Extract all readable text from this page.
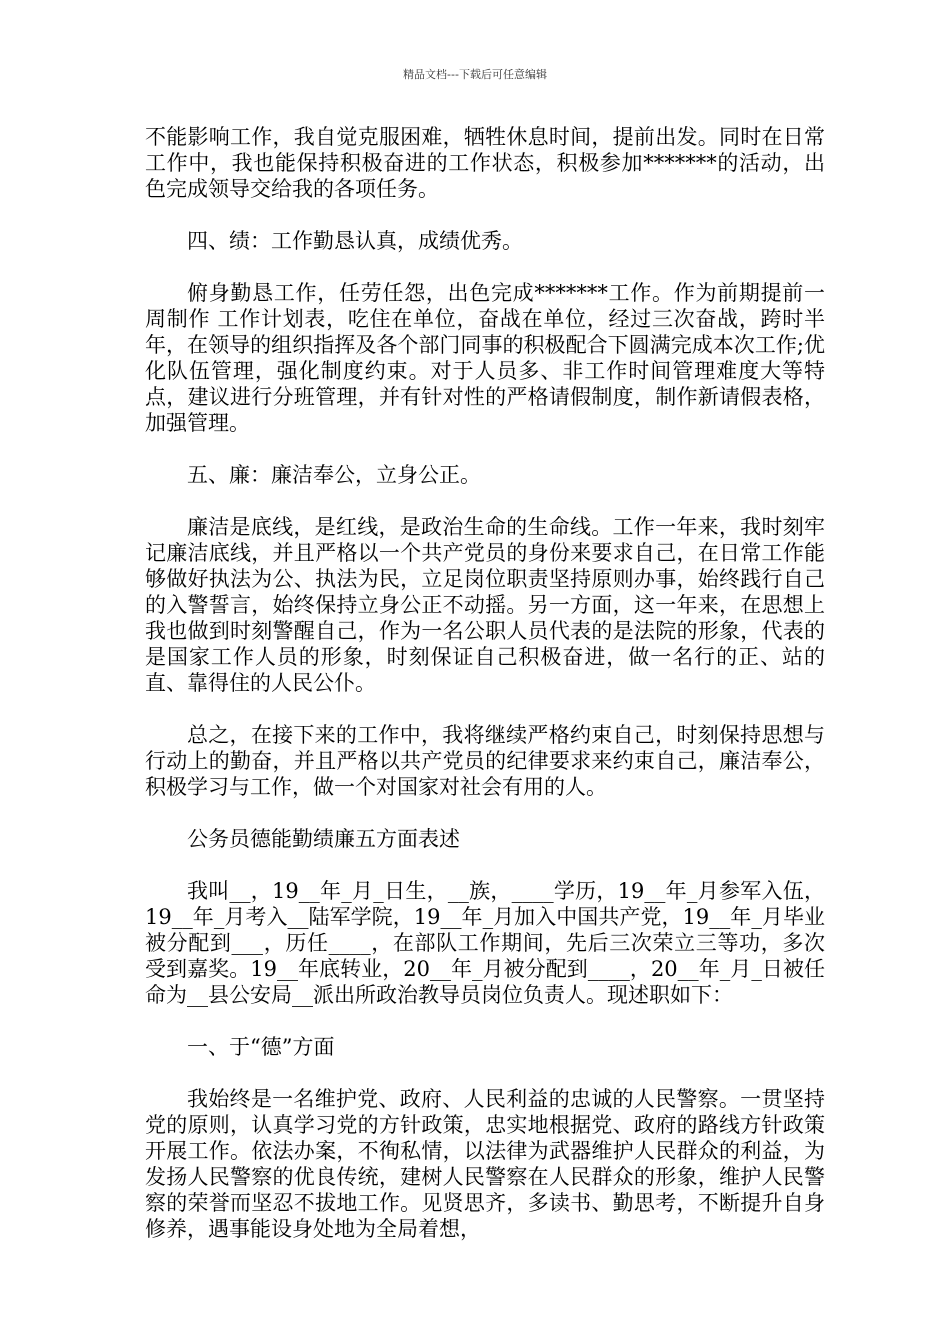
精品文档---下载后可任意编辑

不能影响工作，我自觉克服困难，牺牲休息时间，提前出发。同时在日常工作中，我也能保持积极奋进的工作状态，积极参加*******的活动，出色完成领导交给我的各项任务。

四、绩：工作勤恳认真，成绩优秀。

俯身勤恳工作，任劳任怨，出色完成*******工作。作为前期提前一周制作 工作计划表，吃住在单位，奋战在单位，经过三次奋战，跨时半年，在领导的组织指挥及各个部门同事的积极配合下圆满完成本次工作;优化队伍管理，强化制度约束。对于人员多、非工作时间管理难度大等特点，建议进行分班管理，并有针对性的严格请假制度，制作新请假表格，加强管理。

五、廉：廉洁奉公，立身公正。

廉洁是底线，是红线，是政治生命的生命线。工作一年来，我时刻牢记廉洁底线，并且严格以一个共产党员的身份来要求自己，在日常工作能够做好执法为公、执法为民，立足岗位职责坚持原则办事，始终践行自己的入警誓言，始终保持立身公正不动摇。另一方面，这一年来，在思想上我也做到时刻警醒自己，作为一名公职人员代表的是法院的形象，代表的是国家工作人员的形象，时刻保证自己积极奋进，做一名行的正、站的直、靠得住的人民公仆。

总之，在接下来的工作中，我将继续严格约束自己，时刻保持思想与行动上的勤奋，并且严格以共产党员的纪律要求来约束自己，廉洁奉公，积极学习与工作，做一个对国家对社会有用的人。

公务员德能勤绩廉五方面表述

我叫__，19__年_月_日生，__族，____学历，19__年_月参军入伍，19__年_月考入__陆军学院，19__年_月加入中国共产党，19__年_月毕业被分配到___，历任____，在部队工作期间，先后三次荣立三等功，多次受到嘉奖。19__年底转业，20__年_月被分配到____，20__年_月_日被任命为__县公安局__派出所政治教导员岗位负责人。现述职如下：

一、于“德”方面

我始终是一名维护党、政府、人民利益的忠诚的人民警察。一贯坚持党的原则，认真学习党的方针政策，忠实地根据党、政府的路线方针政策开展工作。依法办案，不徇私情，以法律为武器维护人民群众的利益，为发扬人民警察的优良传统，建树人民警察在人民群众的形象，维护人民警察的荣誉而坚忍不拔地工作。见贤思齐，多读书、勤思考，不断提升自身修养，遇事能设身处地为全局着想，
